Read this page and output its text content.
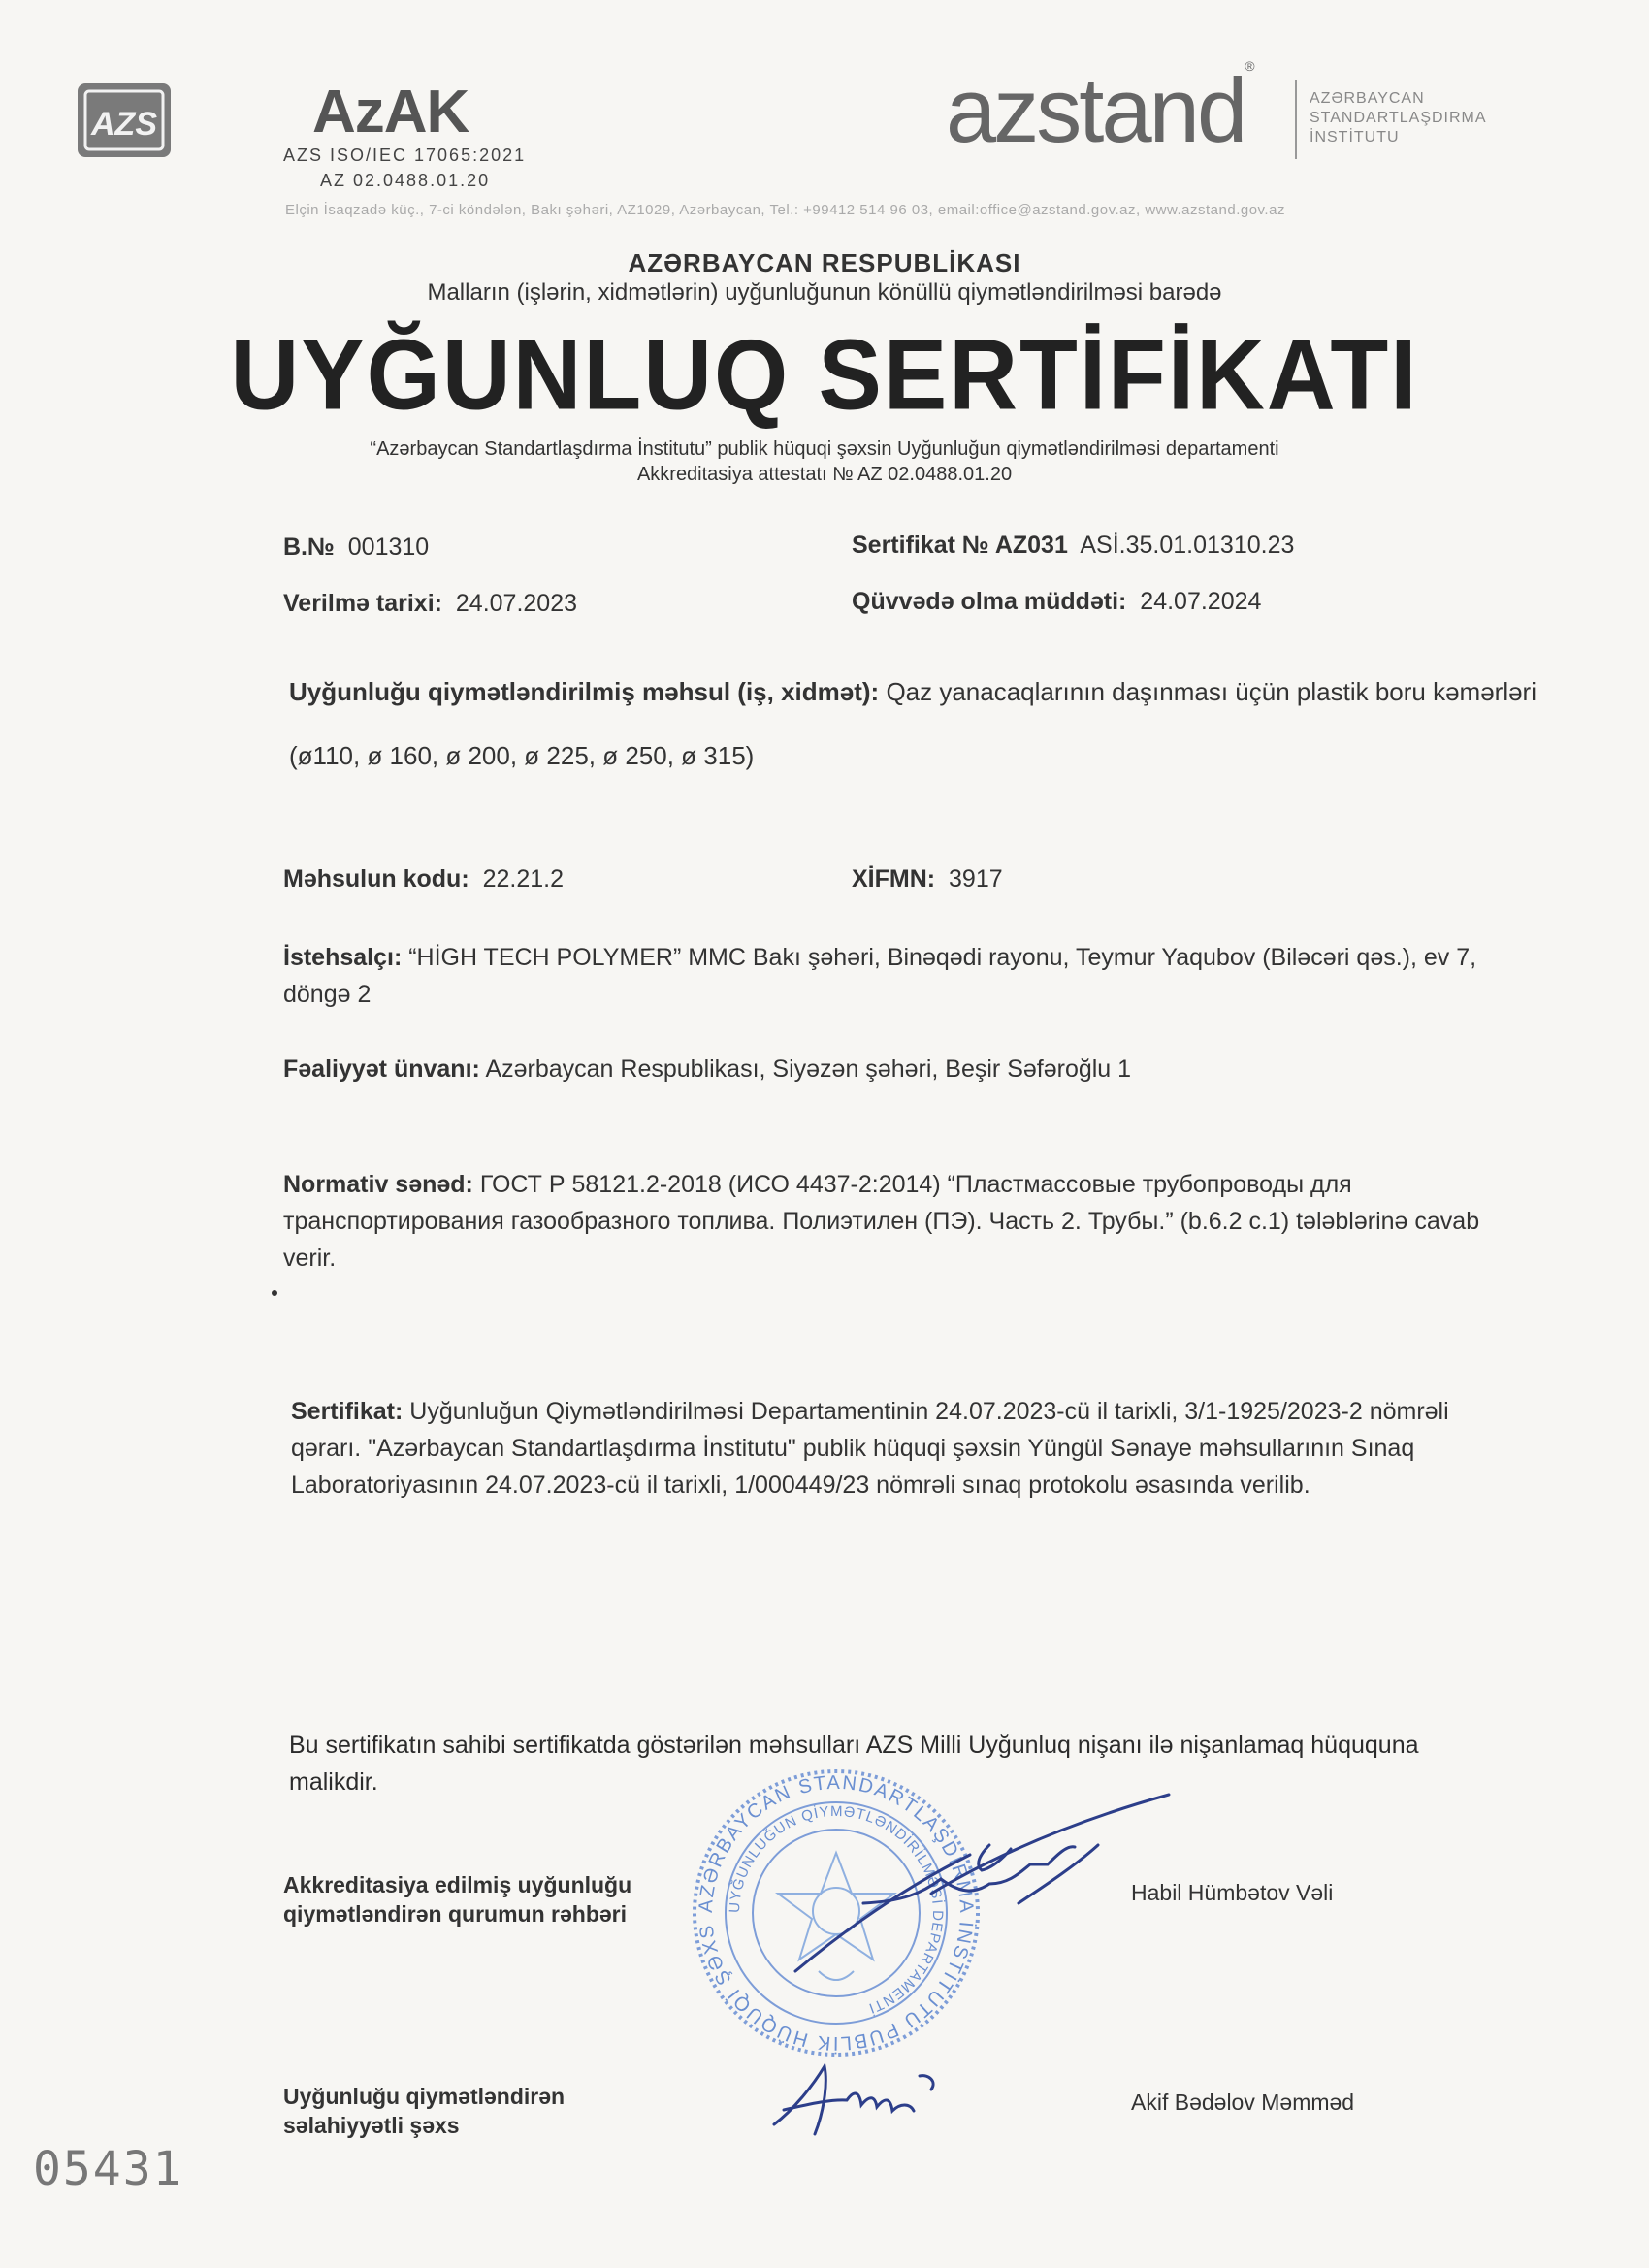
AZS	AzAK
AZS ISO/IEC 17065:2021
AZ 02.0488.01.20
azstand®
AZƏRBAYCAN
STANDARTLAŞDIRMA
İNSTİTUTU
Elçin İsaqzadə küç., 7-ci köndələn, Bakı şəhəri, AZ1029, Azərbaycan, Tel.: +99412 514 96 03, email:office@azstand.gov.az, www.azstand.gov.az
AZƏRBAYCAN RESPUBLİKASI
Malların (işlərin, xidmətlərin) uyğunluğunun könüllü qiymətləndirilməsi barədə
UYĞUNLUQ SERTİFİKATI
“Azərbaycan Standartlaşdırma İnstitutu” publik hüquqi şəxsin Uyğunluğun qiymətləndirilməsi departamenti
Akkreditasiya attestatı № AZ 02.0488.01.20
B.№ 001310	Sertifikat № AZ031 ASİ.35.01.01310.23
Verilmə tarixi: 24.07.2023	Qüvvədə olma müddəti: 24.07.2024
Uyğunluğu qiymətləndirilmiş məhsul (iş, xidmət): Qaz yanacaqlarının daşınması üçün plastik boru kəmərləri (ø110, ø 160, ø 200, ø 225, ø 250, ø 315)
Məhsulun kodu: 22.21.2	XİFMN: 3917
İstehsalçı: “HİGH TECH POLYMER” MMC Bakı şəhəri, Binəqədi rayonu, Teymur Yaqubov (Biləcəri qəs.), ev 7, döngə 2
Fəaliyyət ünvanı: Azərbaycan Respublikası, Siyəzən şəhəri, Beşir Səfəroğlu 1
Normativ sənəd: ГОСТ Р 58121.2-2018 (ИСО 4437-2:2014) “Пластмассовые трубопроводы для транспортирования газообразного топлива. Полиэтилен (ПЭ). Часть 2. Трубы.” (b.6.2 c.1) tələblərinə cavab verir.
Sertifikat: Uyğunluğun Qiymətləndirilməsi Departamentinin 24.07.2023-cü il tarixli, 3/1-1925/2023-2 nömrəli qərarı. "Azərbaycan Standartlaşdırma İnstitutu" publik hüquqi şəxsin Yüngül Sənaye məhsullarının Sınaq Laboratoriyasının 24.07.2023-cü il tarixli, 1/000449/23 nömrəli sınaq protokolu əsasında verilib.
Bu sertifikatın sahibi sertifikatda göstərilən məhsulları AZS Milli Uyğunluq nişanı ilə nişanlamaq hüququna malikdir.
AZƏRBAYCAN STANDARTLAŞDIRMA İNSTİTUTU PUBLİK HÜQUQİ ŞƏXS
UYĞUNLUĞUN QİYMƏTLƏNDİRİLMƏSİ DEPARTAMENTİ
Akkreditasiya edilmiş uyğunluğu
qiymətləndirən qurumun rəhbəri
Habil Hümbətov Vəli
Uyğunluğu qiymətləndirən
səlahiyyətli şəxs
Akif Bədəlov Məmməd
05431
